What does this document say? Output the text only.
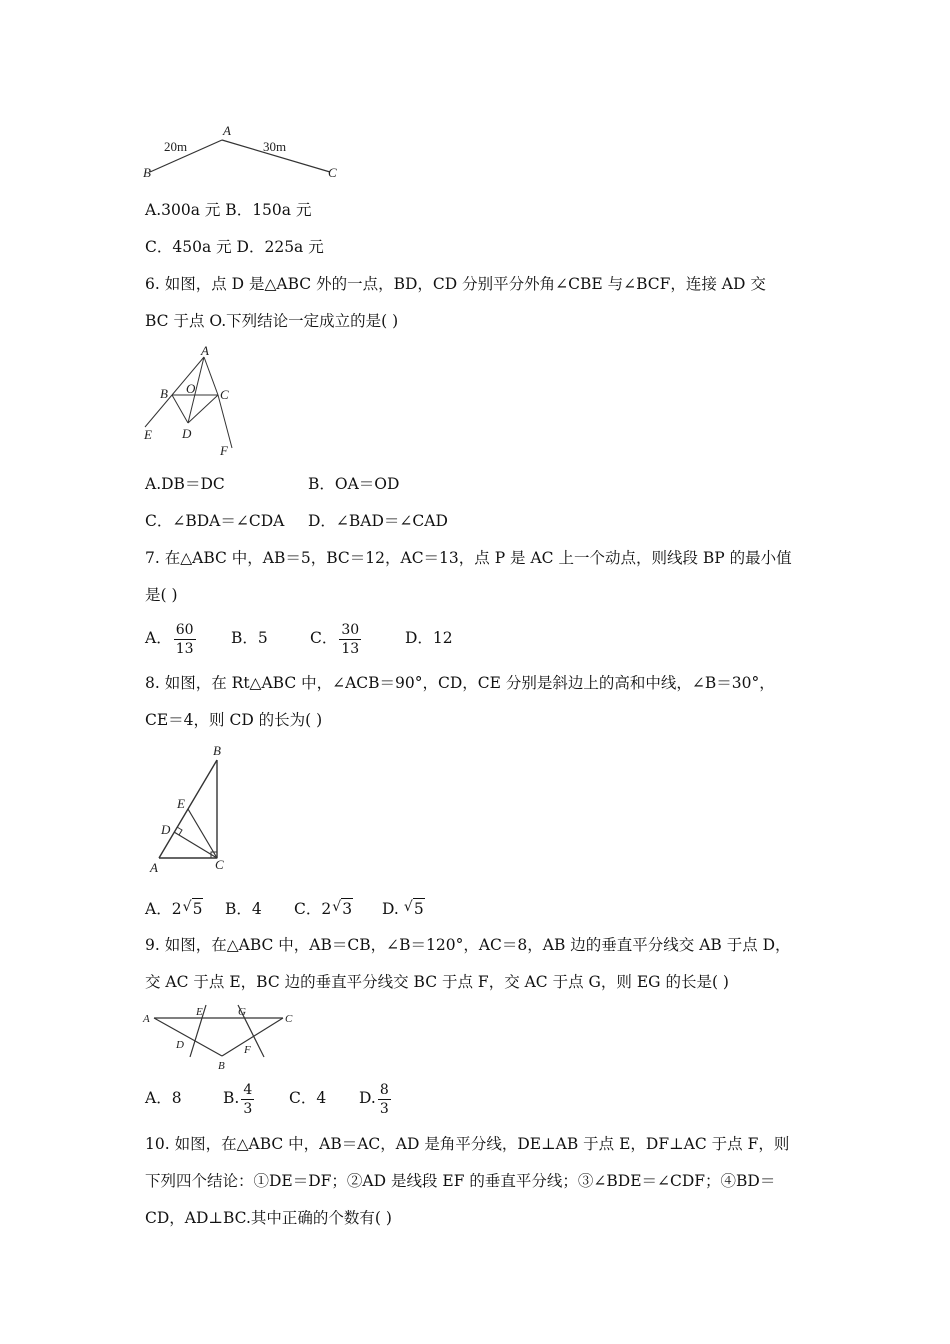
A
B	C
20m	30m
A.300a 元 B．150a 元
C．450a 元 D．225a 元
6. 如图，点 D 是△ABC 外的一点，BD，CD 分别平分外角∠CBE 与∠BCF，连接 AD 交
BC 于点 O.下列结论一定成立的是( )
A
B O C
E D
F
A.DB＝DC	B．OA＝OD
C．∠BDA＝∠CDA D．∠BAD＝∠CAD
7. 在△ABC 中，AB＝5，BC＝12，AC＝13，点 P 是 AC 上一个动点，则线段 BP 的最小值
是( )
A． $\frac{60}{13}$ B．5	C． $\frac{30}{13}$	D．12
8. 如图，在 Rt△ABC 中，∠ACB＝90°，CD，CE 分别是斜边上的高和中线，∠B＝30°，
CE＝4，则 CD 的长为( )
B
E
D
A	C
A．2 √ 5 B．4 C．2 √ 3 D. √ 5
9. 如图，在△ABC 中，AB＝CB，∠B＝120°，AC＝8，AB 边的垂直平分线交 AB 于点 D，
交 AC 于点 E，BC 边的垂直平分线交 BC 于点 F，交 AC 于点 G，则 EG 的长是( )
A
E	G
C
D	F
B
A．8	B. $\frac{4}{3}$ C．4 D. $\frac{8}{3}$
10. 如图，在△ABC 中，AB＝AC，AD 是角平分线，DE⊥AB 于点 E，DF⊥AC 于点 F，则
下列四个结论：①DE＝DF；②AD 是线段 EF 的垂直平分线；③∠BDE＝∠CDF；④BD＝
CD，AD⊥BC.其中正确的个数有( )
